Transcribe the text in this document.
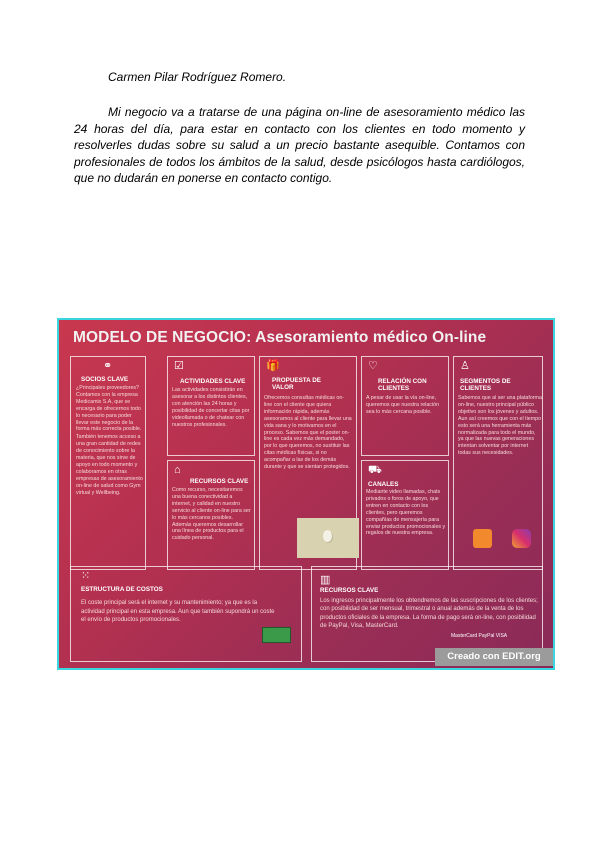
Carmen Pilar Rodríguez Romero.
Mi negocio va a tratarse de una página on-line de asesoramiento médico las 24 horas del día, para estar en contacto con los clientes en todo momento y resolverles dudas sobre su salud a un precio bastante asequible. Contamos con profesionales de todos los ámbitos de la salud, desde psicólogos hasta cardiólogos, que no dudarán en ponerse en contacto contigo.
MODELO DE NEGOCIO: Asesoramiento médico On-line
⚭
SOCIOS CLAVE

¿Principales proveedores? Contamos con la empresa Medicamix S.A, que se encarga de ofrecernos todo lo necesario para poder llevar este negocio de la forma más correcta posible.

También tenemos acceso a una gran cantidad de redes de conocimiento sobre la materia, que nos sirve de apoyo en todo momento y colaboramos en otras empresas de asesoramiento on-line de salud como Gym virtual y Wellbeing.

☑
ACTIVIDADES CLAVE
Las actividades consistirán en asesorar a los distintos clientes, con atención las 24 horas y posibilidad de concertar citas por videollamada o de chatear con nuestros profesionales.
⌂
RECURSOS CLAVE
Como recurso, necesitaremos una buena conectividad a internet, y calidad en nuestro servicio al cliente on-line para ser lo más cercanos posibles. Además queremos desarrollar una línea de productos para el cuidado personal.
🎁
PROPUESTA DE VALOR
Ofrecemos consultas médicas on-line con el cliente que quiera información rápida, además asesoramos al cliente para llevar una vida sana y lo motivamos en el proceso. Sabemos que el poster on-line es cada vez más demandado, por lo que queremos, no sustituir las citas médicas físicas, si no acompañar a las de los demás durante y que se sientan protegidos.
♡
RELACIÓN CON CLIENTES
A pesar de usar la vía on-line, queremos que nuestra relación sea lo más cercana posible.
⛟
CANALES
Mediante video llamadas, chats privados o foros de apoyo, que entren en contacto con los clientes, pero queremos compañías de mensajería para enviar productos promocionales y regalos de nuestra empresa.
♙
SEGMENTOS DE CLIENTES
Sabemos que al ser una plataforma on-line, nuestro principal público objetivo son los jóvenes y adultos. Aun así creemos que con el tiempo esto será una herramienta más normalizada para todo el mundo, ya que las nuevas generaciones intentan solventar por internet todas sus necesidades.
⁙
ESTRUCTURA DE COSTOS
El coste principal será el internet y su mantenimiento; ya que es la actividad principal en esta empresa. Aun que también supondrá un coste el envío de productos promocionales.
▥
RECURSOS CLAVE
Los ingresos principalmente los obtendremos de las suscripciones de los clientes; con posibilidad de ser mensual, trimestral o anual además de la venta de los productos oficiales de la empresa. La forma de pago será on-line, con posibilidad de PayPal, Visa, MasterCard.
MasterCard PayPal VISA
Creado con EDIT.org
